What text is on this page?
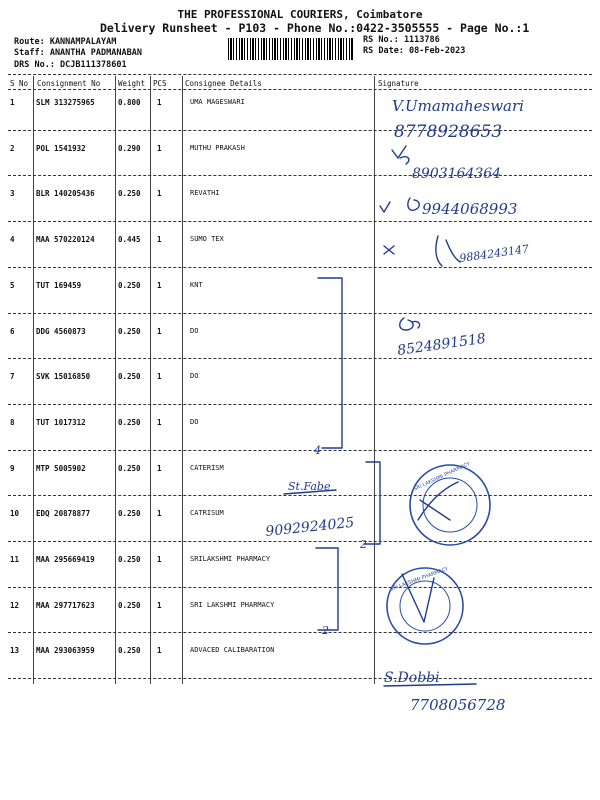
THE PROFESSIONAL COURIERS, Coimbatore
Delivery Runsheet - P103 - Phone No.:0422-3505555 - Page No.:1
Route: KANNAMPALAYAM
Staff: ANANTHA PADMANABAN
DRS No.: DCJB111378601
RS No.: 1113786
RS Date: 08-Feb-2023
S No Consignment No Weight PCS Consignee Details	Signature
1	SLM 313275965	0.800 1	UMA MAGESWARI
2	POL 1541932	0.290 1	MUTHU PRAKASH
3	BLR 140205436	0.250 1	REVATHI
4	MAA 570220124	0.445 1	SUMO TEX
5	TUT 169459	0.250 1	KNT
6	DDG 4560873	0.250 1	DO
7	SVK 15016850	0.250 1	DO
8	TUT 1017312	0.250 1	DO
9	MTP 5005902	0.250 1	CATERISM
10 EDQ 20878877	0.250 1	CATRISUM
11 MAA 295669419	0.250 1	SRILAKSHMI PHARMACY
12 MAA 297717623	0.250 1	SRI LAKSHMI PHARMACY
13 MAA 293063959	0.250 1	ADVACED CALIBARATION
V.Umamaheswari
8778928653
8903164364
9944068993
9884243147
8524891518
4
St.Fabe
2
9092924025
SRI LAKSHMI PHARMACY
2
SRI LAKSHMI PHARMACY
S.Dobbi
7708056728
